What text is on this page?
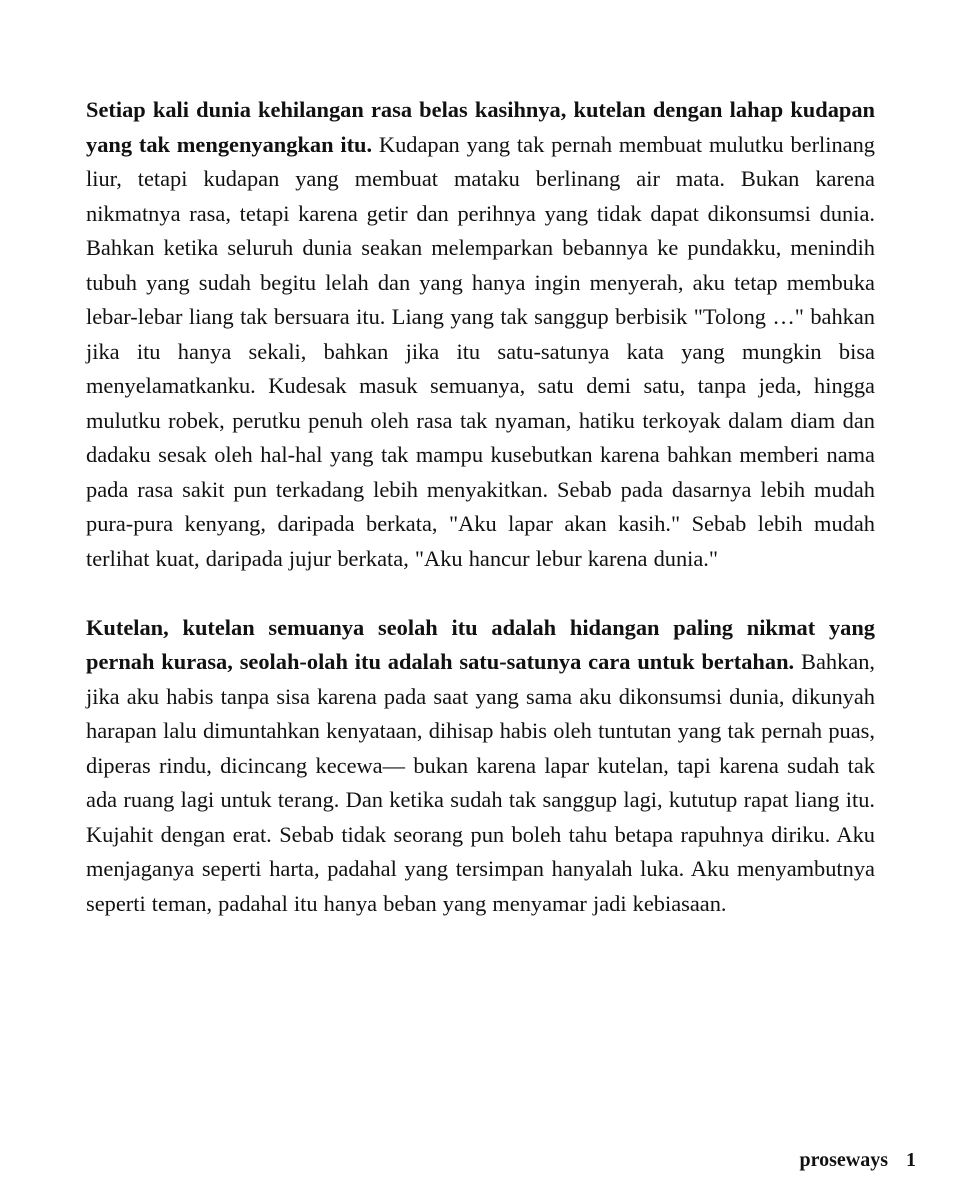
Setiap kali dunia kehilangan rasa belas kasihnya, kutelan dengan lahap kudapan yang tak mengenyangkan itu. Kudapan yang tak pernah membuat mulutku berlinang liur, tetapi kudapan yang membuat mataku berlinang air mata. Bukan karena nikmatnya rasa, tetapi karena getir dan perihnya yang tidak dapat dikonsumsi dunia. Bahkan ketika seluruh dunia seakan melemparkan bebannya ke pundakku, menindih tubuh yang sudah begitu lelah dan yang hanya ingin menyerah, aku tetap membuka lebar-lebar liang tak bersuara itu. Liang yang tak sanggup berbisik "Tolong …" bahkan jika itu hanya sekali, bahkan jika itu satu-satunya kata yang mungkin bisa menyelamatkanku. Kudesak masuk semuanya, satu demi satu, tanpa jeda, hingga mulutku robek, perutku penuh oleh rasa tak nyaman, hatiku terkoyak dalam diam dan dadaku sesak oleh hal-hal yang tak mampu kusebutkan karena bahkan memberi nama pada rasa sakit pun terkadang lebih menyakitkan. Sebab pada dasarnya lebih mudah pura-pura kenyang, daripada berkata, "Aku lapar akan kasih." Sebab lebih mudah terlihat kuat, daripada jujur berkata, "Aku hancur lebur karena dunia."

Kutelan, kutelan semuanya seolah itu adalah hidangan paling nikmat yang pernah kurasa, seolah-olah itu adalah satu-satunya cara untuk bertahan. Bahkan, jika aku habis tanpa sisa karena pada saat yang sama aku dikonsumsi dunia, dikunyah harapan lalu dimuntahkan kenyataan, dihisap habis oleh tuntutan yang tak pernah puas, diperas rindu, dicincang kecewa— bukan karena lapar kutelan, tapi karena sudah tak ada ruang lagi untuk terang. Dan ketika sudah tak sanggup lagi, kututup rapat liang itu. Kujahit dengan erat. Sebab tidak seorang pun boleh tahu betapa rapuhnya diriku. Aku menjaganya seperti harta, padahal yang tersimpan hanyalah luka. Aku menyambutnya seperti teman, padahal itu hanya beban yang menyamar jadi kebiasaan.

proseways 1
